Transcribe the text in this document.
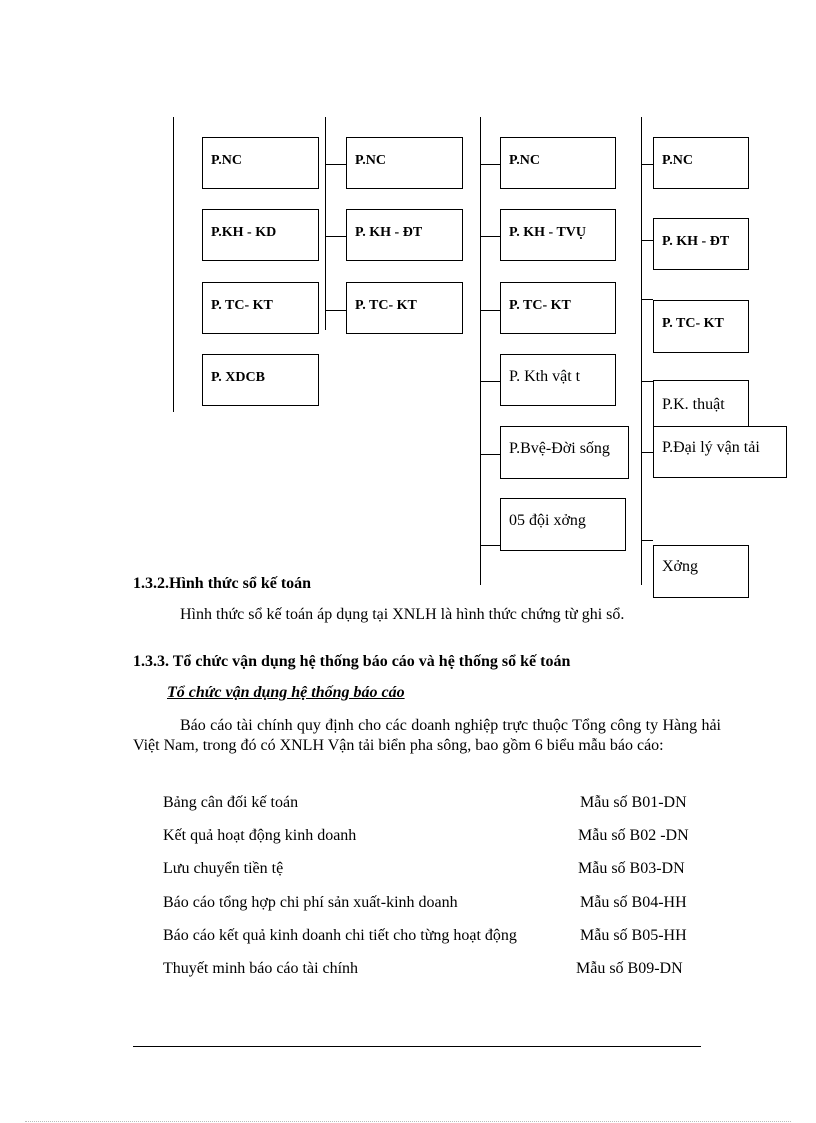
P.NC
P.KH - KD
P. TC- KT
P. XDCB
P.NC
P. KH - ĐT
P. TC- KT
P.NC
P. KH - TVỤ
P. TC- KT
P. Kth vật t
P.Bvệ-Đời sống
05 đội xởng
P.NC
P. KH - ĐT
P. TC- KT
P.K. thuật
P.Đại lý vận tải
Xởng
1.3.2.Hình thức sổ kế toán
Hình thức sổ kế toán áp dụng tại XNLH là hình thức chứng từ ghi sổ.
1.3.3. Tổ chức vận dụng hệ thống báo cáo và hệ thống sổ kế toán
Tổ chức vận dụng hệ thống báo cáo
Báo cáo tài chính quy định cho các doanh nghiệp trực thuộc Tổng công ty Hàng hải Việt Nam, trong đó có XNLH Vận tải biển pha sông, bao gồm 6 biểu mẫu báo cáo:
Bảng cân đối kế toán	Mẫu số B01-DN
Kết quả hoạt động kinh doanh	Mẫu số B02 -DN
Lưu chuyển tiền tệ	Mẫu số B03-DN
Báo cáo tổng hợp chi phí sản xuất-kinh doanh	Mẫu số B04-HH
Báo cáo kết quả kinh doanh chi tiết cho từng hoạt động	Mẫu số B05-HH
Thuyết minh báo cáo tài chính	Mẫu số B09-DN
